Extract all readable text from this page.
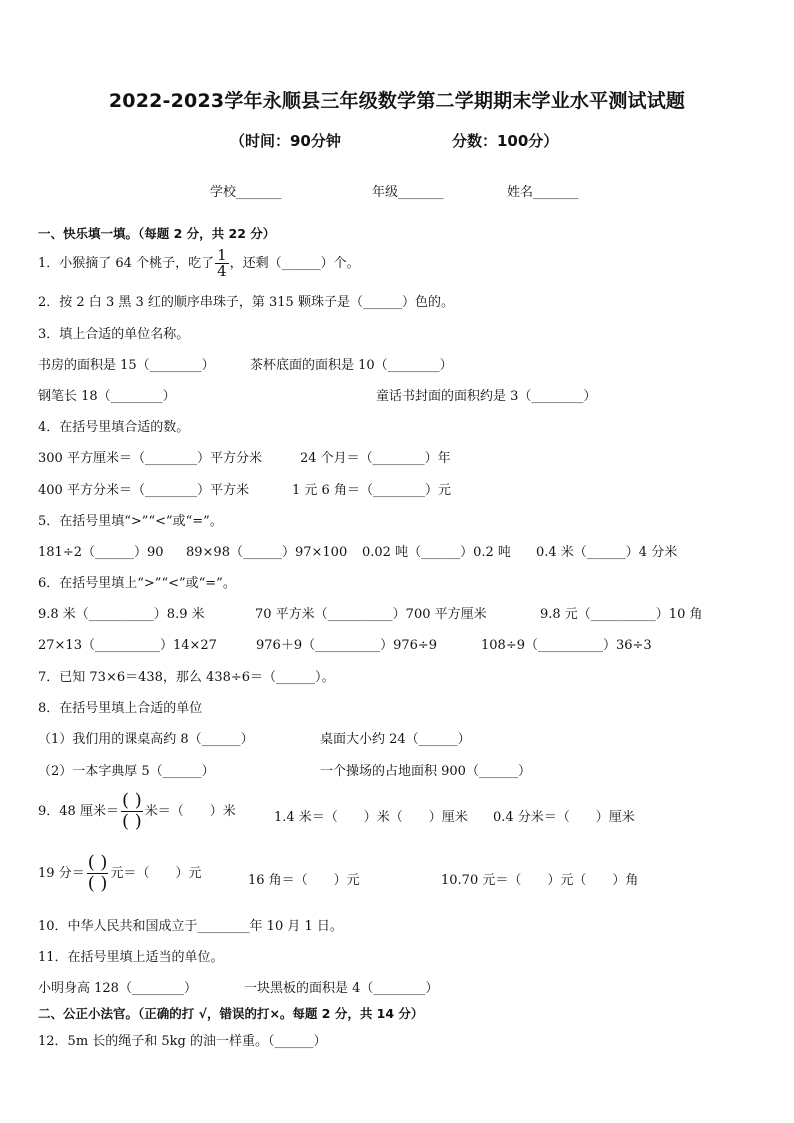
2022-2023学年永顺县三年级数学第二学期期末学业水平测试试题
（时间：90分钟	分数：100分）
学校_______	年级_______	姓名_______
一、快乐填一填。（每题 2 分，共 22 分）
1．小猴摘了 64 个桃子，吃了 $\frac{1}{4}$ ，还剩（______）个。
2．按 2 白 3 黑 3 红的顺序串珠子，第 315 颗珠子是（______）色的。
3．填上合适的单位名称。
书房的面积是 15（________）	茶杯底面的面积是 10（________）
钢笔长 18（________）	童话书封面的面积约是 3（________）
4．在括号里填合适的数。
300 平方厘米＝（________）平方分米	24 个月＝（________）年
400 平方分米＝（________）平方米	1 元 6 角＝（________）元
5．在括号里填“>”“<”或“=”。
181÷2（______）90 89×98（______）97×100 0.02 吨（______）0.2 吨 0.4 米（______）4 分米
6．在括号里填上“>”“<”或“=”。
9.8 米（__________）8.9 米	70 平方米（__________）700 平方厘米	9.8 元（__________）10 角
27×13（__________）14×27	976＋9（__________）976÷9	108÷9（__________）36÷3
7．已知 73×6＝438，那么 438÷6＝（______）。
8．在括号里填上合适的单位
（1）我们用的课桌高约 8（______）	桌面大小约 24（______）
（2）一本字典厚 5（______）	一个操场的占地面积 900（______）
9．48 厘米＝ $\frac{( )}{( )}$ 米＝（　　）米	1.4 米＝（　　）米（　　）厘米 0.4 分米＝（　　）厘米
19 分＝ $\frac{( )}{( )}$ 元＝（　　）元	16 角＝（　　）元	10.70 元＝（　　）元（　　）角
10．中华人民共和国成立于________年 10 月 1 日。
11．在括号里填上适当的单位。
小明身高 128（________）	一块黑板的面积是 4（________）
二、公正小法官。（正确的打 √，错误的打×。每题 2 分，共 14 分）
12．5m 长的绳子和 5kg 的油一样重。（______）
